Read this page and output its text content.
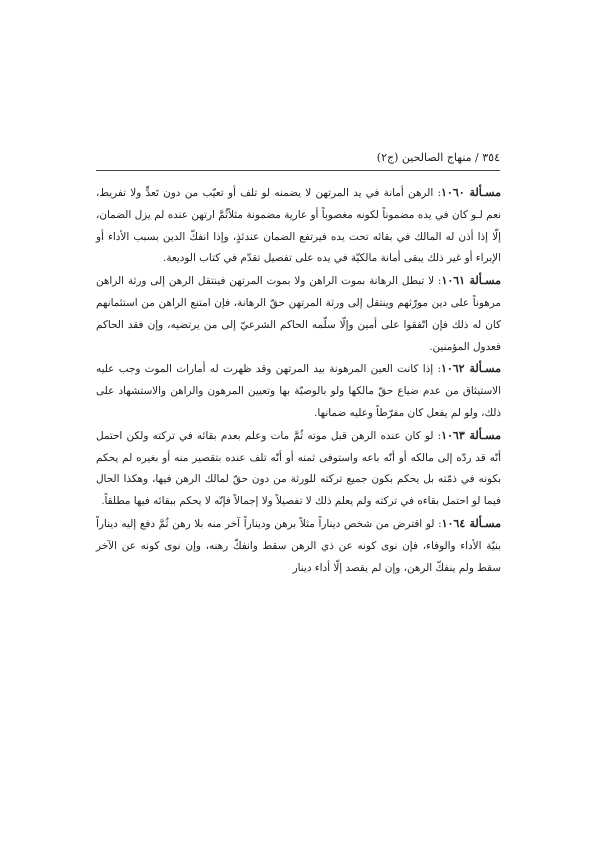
٣٥٤ / منهاج الصالحين (ج٢)

مسـألة ١٠٦٠: الرهن أمانة في يد المرتهن لا يضمنه لو تلف أو تعيّب من دون تَعدٍّ ولا تفريط، نعم لـو كان في يده مضموناً لكونه مغصوباً أو عارية مضمونة مثلاًثُمَّ ارتهن عنده لم يزل الضمان، إلّا إذا أذن له المالك في بقائه تحت يده فيرتفع الضمان عندئذٍ، وإذا انفكّ الدين بسبب الأداء أو الإبراء أو غير ذلك يبقى أمانة مالكيّة في يده على تفصيل تقدّم في كتاب الوديعة.

مسـألة ١٠٦١: لا تبطل الرهانة بموت الراهن ولا بموت المرتهن فينتقل الرهن إلى ورثة الراهن مرهوناً على دين مورّثهم وينتقل إلى ورثة المرتهن حقّ الرهانة، فإن امتنع الراهن من استئمانهم كان له ذلك فإن اتّفقوا على أمين وإلّا سلّمه الحاكم الشرعيّ إلى من يرتضيه، وإن فقد الحاكم فعدول المؤمنين.

مسـألة ١٠٦٢: إذا كانت العين المرهونة بيد المرتهن وقد ظهرت له أمارات الموت وجب عليه الاستيثاق من عدم ضياع حقّ مالكها ولو بالوصيّة بها وتعيين المرهون والراهن والاستشهاد على ذلك، ولو لم يفعل كان مفرّطاً وعليه ضمانها.

مسـألة ١٠٦٣: لو كان عنده الرهن قبل موته ثُمَّ مات وعلم بعدم بقائه في تركته ولكن احتمل أنّه قد ردّه إلى مالكه أو أنّه باعه واستوفى ثمنه أو أنّه تلف عنده بتقصير منه أو بغيره لم يحكم بكونه في ذمّته بل يحكم بكون جميع تركته للورثة من دون حقّ لمالك الرهن فيها، وهكذا الحال فيما لو احتمل بقاءه في تركته ولم يعلم ذلك لا تفصيلاً ولا إجمالاً فإنّه لا يحكم ببقائه فيها مطلقاً.

مسـألة ١٠٦٤: لو اقترض من شخص ديناراً مثلاً برهن وديناراً آخر منه بلا رهن ثُمَّ دفع إليه ديناراً بنيّة الأداء والوفاء، فإن نوى كونه عن ذي الرهن سقط وانفكّ رهنه، وإن نوى كونه عن الآخر سقط ولم ينفكّ الرهن، وإن لم يقصد إلّا أداء دينار
